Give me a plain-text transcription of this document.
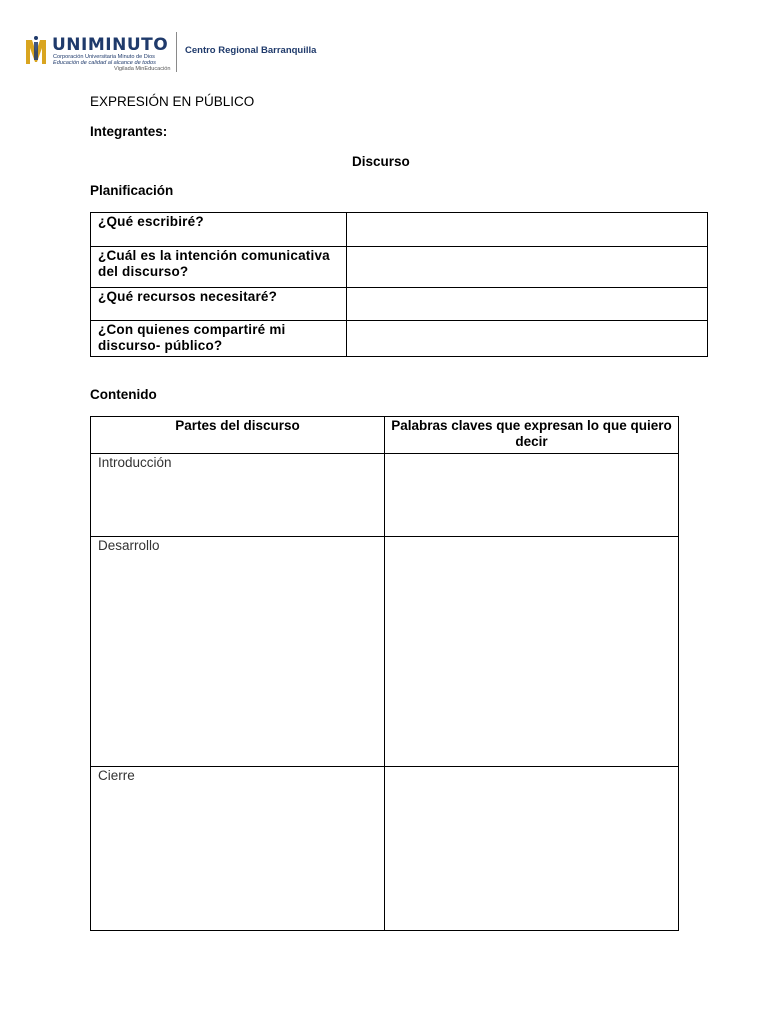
UNIMINUTO
Corporación Universitaria Minuto de Dios
Educación de calidad al alcance de todos
Vigilada MinEducación
Centro Regional Barranquilla
EXPRESIÓN EN PÚBLICO
Integrantes:
Discurso
Planificación
¿Qué escribiré?	
¿Cuál es la intención comunicativa del discurso?	
¿Qué recursos necesitaré?	
¿Con quienes compartiré mi discurso- público?	
Contenido
Partes del discurso	Palabras claves que expresan lo que quiero decir
Introducción	
Desarrollo	
Cierre	
